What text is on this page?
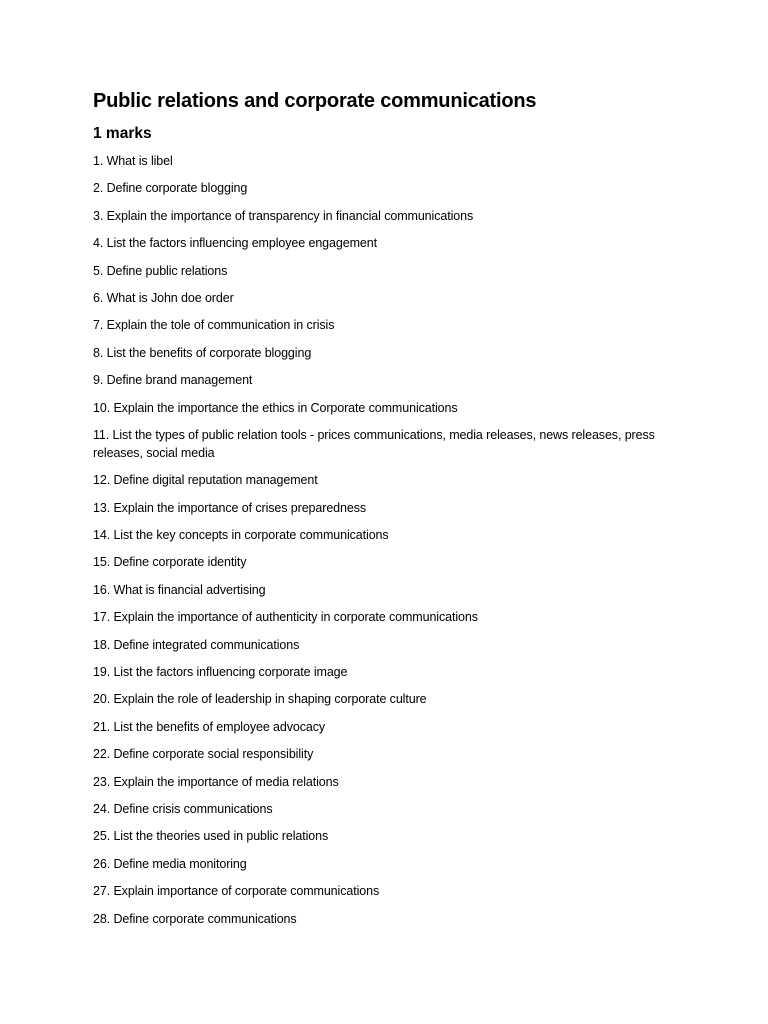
Public relations and corporate communications
1 marks
1. What is libel
2. Define corporate blogging
3. Explain the importance of transparency in financial communications
4. List the factors influencing employee engagement
5. Define public relations
6. What is John doe order
7. Explain the tole of communication in crisis
8. List the benefits of corporate blogging
9. Define brand management
10. Explain the importance the ethics in Corporate communications
11. List the types of public relation tools - prices communications, media releases, news releases, press releases, social media
12. Define digital reputation management
13. Explain the importance of crises preparedness
14. List the key concepts in corporate communications
15. Define corporate identity
16. What is financial advertising
17. Explain the importance of authenticity in corporate communications
18. Define integrated communications
19. List the factors influencing corporate image
20. Explain the role of leadership in shaping corporate culture
21. List the benefits of employee advocacy
22. Define corporate social responsibility
23. Explain the importance of media relations
24. Define crisis communications
25. List the theories used in public relations
26. Define media monitoring
27. Explain importance of corporate communications
28. Define corporate communications
